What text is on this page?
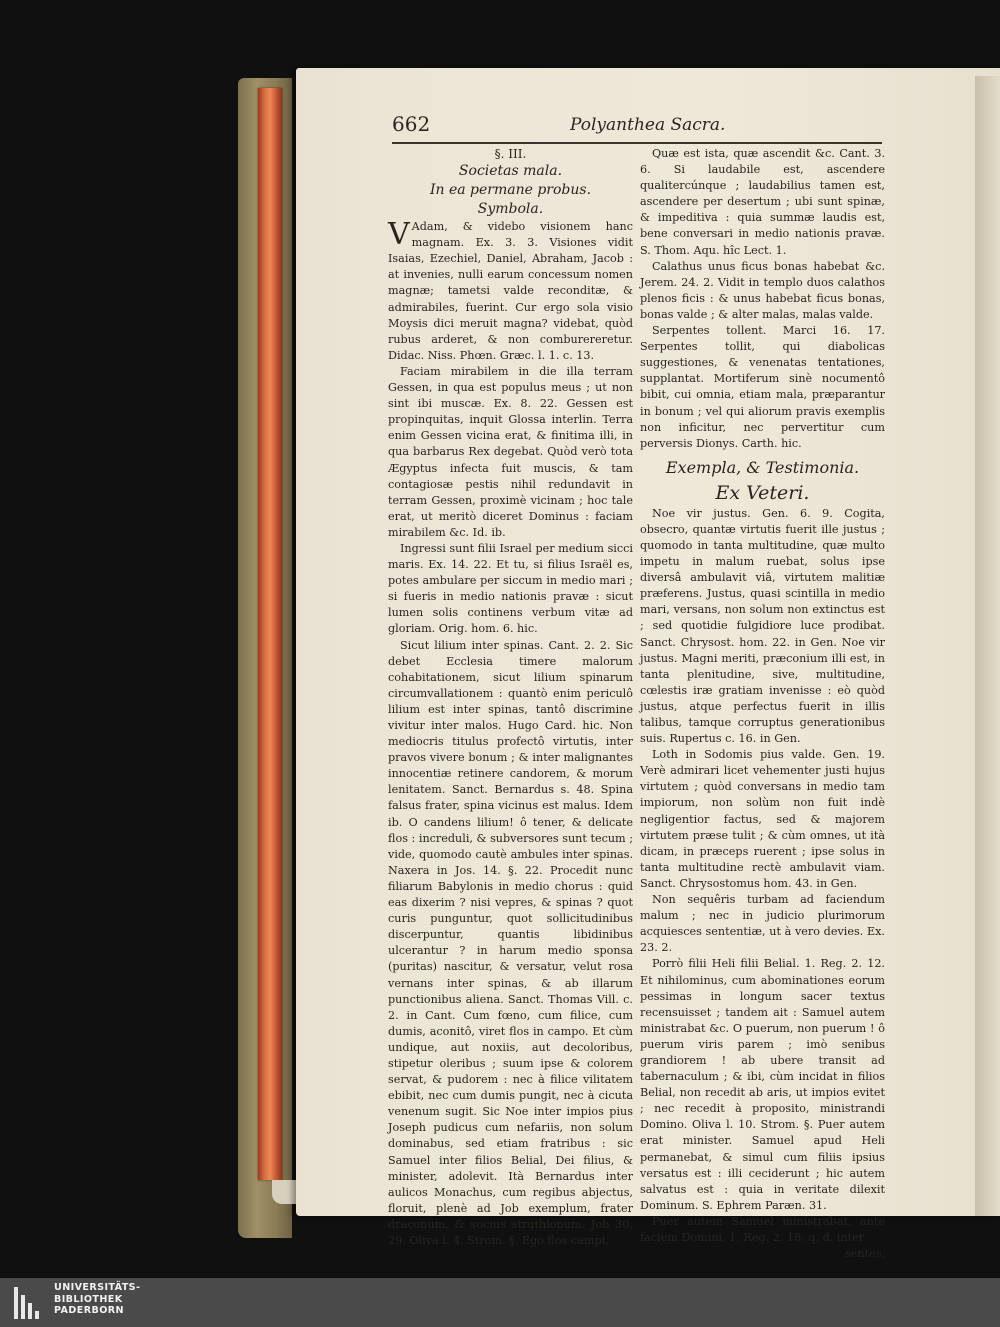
662	Polyanthea Sacra.

§. III.

Societas mala.

In ea permane probus.

Symbola.

V Adam, & videbo visionem hanc magnam. Ex. 3. 3. Visiones vidit Isaias, Ezechiel, Daniel, Abraham, Jacob : at invenies, nulli earum concessum nomen magnæ; tametsi valde reconditæ, & admirabiles, fuerint. Cur ergo sola visio Moysis dici meruit magna? videbat, quòd rubus arderet, & non comburereretur. Didac. Niss. Phœn. Græc. l. 1. c. 13.

Faciam mirabilem in die illa terram Gessen, in qua est populus meus ; ut non sint ibi muscæ. Ex. 8. 22. Gessen est propinquitas, inquit Glossa interlin. Terra enim Gessen vicina erat, & finitima illi, in qua barbarus Rex degebat. Quòd verò tota Ægyptus infecta fuit muscis, & tam contagiosæ pestis nihil redundavit in terram Gessen, proximè vicinam ; hoc tale erat, ut meritò diceret Dominus : faciam mirabilem &c. Id. ib.

Ingressi sunt filii Israel per medium sicci maris. Ex. 14. 22. Et tu, si filius Israël es, potes ambulare per siccum in medio mari ; si fueris in medio nationis pravæ : sicut lumen solis continens verbum vitæ ad gloriam. Orig. hom. 6. hic.

Sicut lilium inter spinas. Cant. 2. 2. Sic debet Ecclesia timere malorum cohabitationem, sicut lilium spinarum circumvallationem : quantò enim periculô lilium est inter spinas, tantô discrimine vivitur inter malos. Hugo Card. hic. Non mediocris titulus profectô virtutis, inter pravos vivere bonum ; & inter malignantes innocentiæ retinere candorem, & morum lenitatem. Sanct. Bernardus s. 48. Spina falsus frater, spina vicinus est malus. Idem ib. O candens lilium! ô tener, & delicate flos : increduli, & subversores sunt tecum ; vide, quomodo cautè ambules inter spinas. Naxera in Jos. 14. §. 22. Procedit nunc filiarum Babylonis in medio chorus : quid eas dixerim ? nisi vepres, & spinas ? quot curis punguntur, quot sollicitudinibus discerpuntur, quantis libidinibus ulcerantur ? in harum medio sponsa (puritas) nascitur, & versatur, velut rosa vernans inter spinas, & ab illarum punctionibus aliena. Sanct. Thomas Vill. c. 2. in Cant. Cum fœno, cum filice, cum dumis, aconitô, viret flos in campo. Et cùm undique, aut noxiis, aut decoloribus, stipetur oleribus ; suum ipse & colorem servat, & pudorem : nec à filice vilitatem ebibit, nec cum dumis pungit, nec à cicuta venenum sugit. Sic Noe inter impios pius Joseph pudicus cum nefariis, non solum dominabus, sed etiam fratribus : sic Samuel inter filios Belial, Dei filius, & minister, adolevit. Ità Bernardus inter aulicos Monachus, cum regibus abjectus, floruit, plenè ad Job exemplum, frater draconum, & socius struthionum. Job 30, 29. Oliva l. 4. Strom. §. Ego flos campi,

Quæ est ista, quæ ascendit &c. Cant. 3. 6. Si laudabile est, ascendere qualitercúnque ; laudabilius tamen est, ascendere per desertum ; ubi sunt spinæ, & impeditiva : quia summæ laudis est, bene conversari in medio nationis pravæ. S. Thom. Aqu. hîc Lect. 1.

Calathus unus ficus bonas habebat &c. Jerem. 24. 2. Vidit in templo duos calathos plenos ficis : & unus habebat ficus bonas, bonas valde ; & alter malas, malas valde.

Serpentes tollent. Marci 16. 17. Serpentes tollit, qui diabolicas suggestiones, & venenatas tentationes, supplantat. Mortiferum sinè nocumentô bibit, cui omnia, etiam mala, præparantur in bonum ; vel qui aliorum pravis exemplis non inficitur, nec pervertitur cum perversis Dionys. Carth. hic.

Exempla, & Testimonia.

Ex Veteri.

Noe vir justus. Gen. 6. 9. Cogita, obsecro, quantæ virtutis fuerit ille justus ; quomodo in tanta multitudine, quæ multo impetu in malum ruebat, solus ipse diversâ ambulavit viâ, virtutem malitiæ præferens. Justus, quasi scintilla in medio mari, versans, non solum non extinctus est ; sed quotidie fulgidiore luce prodibat. Sanct. Chrysost. hom. 22. in Gen. Noe vir justus. Magni meriti, præconium illi est, in tanta plenitudine, sive, multitudine, cœlestis iræ gratiam invenisse : eò quòd justus, atque perfectus fuerit in illis talibus, tamque corruptus generationibus suis. Rupertus c. 16. in Gen.

Loth in Sodomis pius valde. Gen. 19. Verè admirari licet vehementer justi hujus virtutem ; quòd conversans in medio tam impiorum, non solùm non fuit indè negligentior factus, sed & majorem virtutem præse tulit ; & cùm omnes, ut ità dicam, in præceps ruerent ; ipse solus in tanta multitudine rectè ambulavit viam. Sanct. Chrysostomus hom. 43. in Gen.

Non sequêris turbam ad faciendum malum ; nec in judicio plurimorum acquiesces sententiæ, ut à vero devies. Ex. 23. 2.

Porrò filii Heli filii Belial. 1. Reg. 2. 12. Et nihilominus, cum abominationes eorum pessimas in longum sacer textus recensuisset ; tandem ait : Samuel autem ministrabat &c. O puerum, non puerum ! ô puerum viris parem ; imò senibus grandiorem ! ab ubere transit ad tabernaculum ; & ibi, cùm incidat in filios Belial, non recedit ab aris, ut impios evitet ; nec recedit à proposito, ministrandi Domino. Oliva l. 10. Strom. §. Puer autem erat minister. Samuel apud Heli permanebat, & simul cum filiis ipsius versatus est : illi ceciderunt ; hic autem salvatus est : quia in veritate dilexit Dominum. S. Ephrem Paræn. 31.

Puer autem Samuel ministrabat, ante faciem Domini, 1. Reg. 2. 18. q. d. inter

sentes,

UNIVERSITÄTS-
BIBLIOTHEK
PADERBORN
